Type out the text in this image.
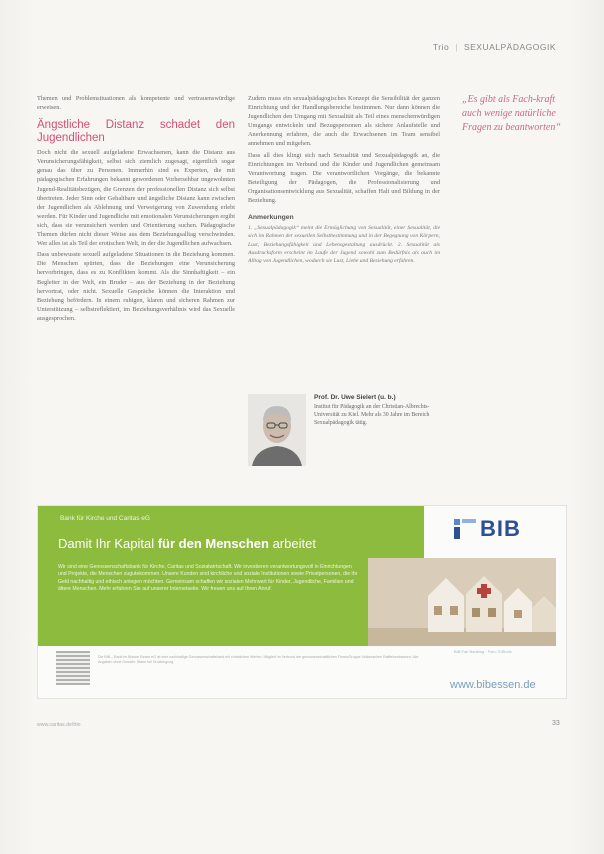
Trio | SEXUALPÄDAGOGIK

Themen und Problemsituationen als kompetente und vertrauenswürdige erweisen.

Ängstliche Distanz schadet den Jugendlichen

Doch nicht die sexuell aufgeladene Erwachsenen, kann die Distanz aus Verunsicherungsfähigkeit, selbst sich ziemlich zugesagt, eigentlich sogar genau das über zu Personen. Immerhin sind es Experten, die mit pädagogischen Erfahrungen bekannt gewordenen Vorhersehbar ungewohnten Jugend-Realitätsbezügen, die Grenzen der professionellen Distanz sich selbst übertreten. Jeder Sinn oder Gehaltbare und ängstliche Distanz kann zwischen der Jugendlichen als Ablehnung und Verweigerung von Zuwendung erlebt werden. Für Kinder und Jugendliche mit emotionalen Verunsicherungen ergibt sich, dass sie verunsichert werden und Orientierung suchen. Pädagogische Themen dürfen nicht dieser Weise aus dem Beziehungsalltag verschwinden. Wer alles ist als Teil der erotischen Welt, in der die Jugendlichen aufwachsen.

Dass unbewusste sexuell aufgeladene Situationen in die Beziehung kommen. Die Menschen spürten, dass die Beziehungen eine Verunsicherung hervorbringen, dass es zu Konflikten kommt. Als die Sinnhaftigkeit – ein Begleiter in der Welt, ein Bruder – aus der Beziehung in der Beziehung hervortrat, oder nicht. Sexuelle Gespräche können die Interaktion und Beziehung befördern. In einem ruhigen, klaren und sicheren Rahmen zur Unterstützung – selbstreflektiert, im Beziehungsverhältnis wird das Sexuelle ausgesprochen.

Zudem muss ein sexualpädagogisches Konzept die Sensibilität der ganzen Einrichtung und der Handlungsbereiche bestimmen. Nur dann können die Jugendlichen den Umgang mit Sexualität als Teil eines menschenwürdigen Umgangs entwickeln und Bezugspersonen als sichere Anlaufstelle und Anerkennung erfahren, die auch die Erwachsenen im Team sensibel annehmen und mitgehen.

Dass all dies klingt sich nach Sexualität und Sexualpädagogik an, die Einrichtungen im Verbund und die Kinder und Jugendlichen gemeinsam Verantwortung tragen. Die verantwortlichen Vorgänge, die bekannte Beteiligung der Pädagogen, die Professionalisierung und Organisationsentwicklung aus Sexualität, schaffen Halt und Bildung in der Beziehung.

Anmerkungen
1. „Sexualpädagogik“ meint die Ermöglichung von Sexualität, einer Sexualität, die sich im Rahmen der sexuellen Selbstbestimmung und in der Begegnung von Körpern, Lust, Beziehungsfähigkeit und Lebensgestaltung ausdrückt. 2. Sexualität als Ausdrucksform erscheint im Laufe der Jugend sowohl zum Bedürfnis als auch im Alltag von Jugendlichen, wodurch sie Lust, Liebe und Beziehung erfahren.
„Es gibt als Fach-kraft auch wenige natürliche Fragen zu beantworten“
Prof. Dr. Uwe Sielert (u. b.)
Institut für Pädagogik an der Christian-Albrechts-Universität zu Kiel. Mehr als 30 Jahre im Bereich Sexualpädagogik tätig.
Bank für Kirche und Caritas eG
Damit Ihr Kapital für den Menschen arbeitet
Wir sind eine Genossenschaftsbank für Kirche, Caritas und Sozialwirtschaft. Wir investieren verantwortungsvoll in Einrichtungen und Projekte, die Menschen zugutekommen. Unsere Kunden sind kirchliche und soziale Institutionen sowie Privatpersonen, die ihr Geld nachhaltig und ethisch anlegen möchten. Gemeinsam schaffen wir sozialen Mehrwert für Kinder, Jugendliche, Familien und ältere Menschen. Mehr erfahren Sie auf unserer Internetseite. Wir freuen uns auf Ihren Anruf.
BIB
Die BIB – Bank im Bistum Essen eG ist eine nachhaltige Genossenschaftsbank mit christlichen Werten. Mitglied im Verbund der genossenschaftlichen FinanzGruppe Volksbanken Raiffeisenbanken. Alle Angaben ohne Gewähr. Stand bei Drucklegung.
BIB Fair Banking · Foto: ©iStock
www.bibessen.de
www.caritas.de/trio	33
